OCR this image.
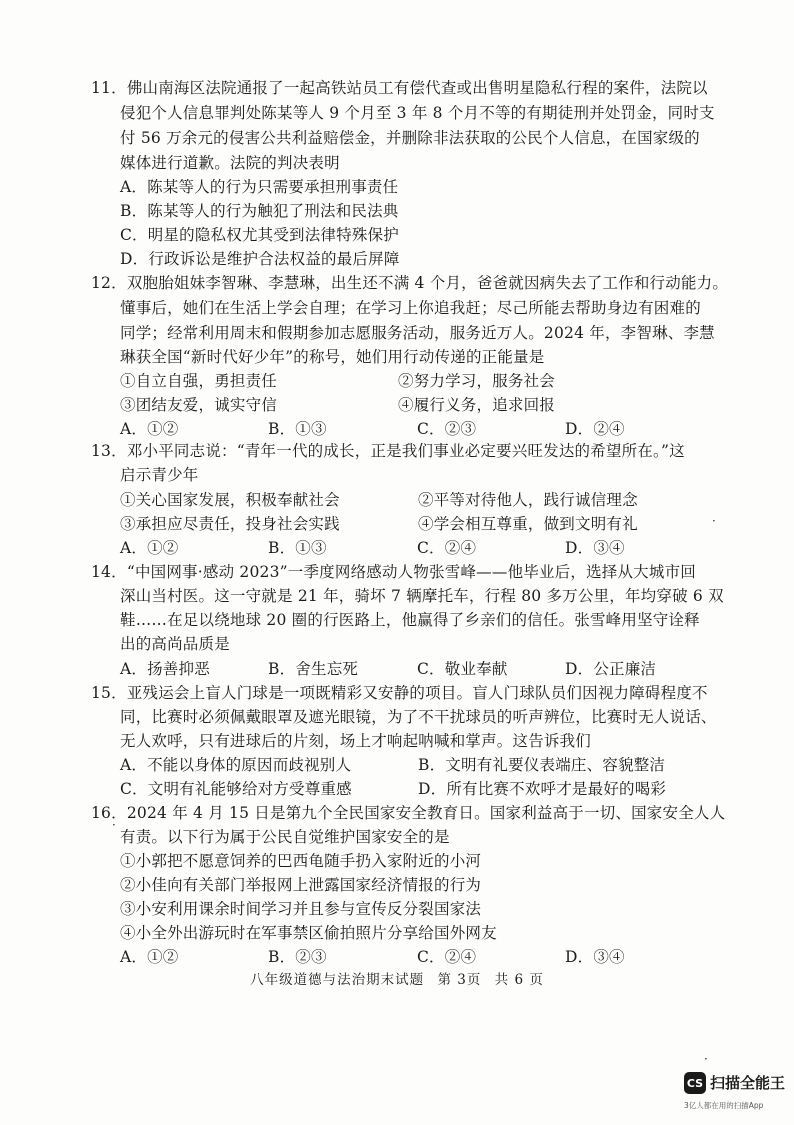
11．佛山南海区法院通报了一起高铁站员工有偿代查或出售明星隐私行程的案件，法院以
侵犯个人信息罪判处陈某等人 9 个月至 3 年 8 个月不等的有期徒刑并处罚金，同时支
付 56 万余元的侵害公共利益赔偿金，并删除非法获取的公民个人信息，在国家级的
媒体进行道歉。法院的判决表明
A．陈某等人的行为只需要承担刑事责任
B．陈某等人的行为触犯了刑法和民法典
C．明星的隐私权尤其受到法律特殊保护
D．行政诉讼是维护合法权益的最后屏障
12．双胞胎姐妹李智琳、李慧琳，出生还不满 4 个月，爸爸就因病失去了工作和行动能力。
懂事后，她们在生活上学会自理；在学习上你追我赶；尽己所能去帮助身边有困难的
同学；经常利用周末和假期参加志愿服务活动，服务近万人。2024 年，李智琳、李慧
琳获全国“新时代好少年”的称号，她们用行动传递的正能量是
①自立自强，勇担责任	②努力学习，服务社会
③团结友爱，诚实守信	④履行义务，追求回报
A．①②	B．①③	C．②③	D．②④
13．邓小平同志说：“青年一代的成长，正是我们事业必定要兴旺发达的希望所在。”这
启示青少年
①关心国家发展，积极奉献社会	②平等对待他人，践行诚信理念
③承担应尽责任，投身社会实践	④学会相互尊重，做到文明有礼
A．①②	B．①③	C．②④	D．③④
14．“中国网事·感动 2023”一季度网络感动人物张雪峰——他毕业后，选择从大城市回
深山当村医。这一守就是 21 年，骑坏 7 辆摩托车，行程 80 多万公里，年均穿破 6 双
鞋……在足以绕地球 20 圈的行医路上，他赢得了乡亲们的信任。张雪峰用坚守诠释
出的高尚品质是
A．扬善抑恶	B．舍生忘死	C．敬业奉献	D．公正廉洁
15．亚残运会上盲人门球是一项既精彩又安静的项目。盲人门球队员们因视力障碍程度不
同，比赛时必须佩戴眼罩及遮光眼镜，为了不干扰球员的听声辨位，比赛时无人说话、
无人欢呼，只有进球后的片刻，场上才响起呐喊和掌声。这告诉我们
A．不能以身体的原因而歧视别人	B．文明有礼要仪表端庄、容貌整洁
C．文明有礼能够给对方受尊重感	D．所有比赛不欢呼才是最好的喝彩
16．2024 年 4 月 15 日是第九个全民国家安全教育日。国家利益高于一切、国家安全人人
有责。以下行为属于公民自觉维护国家安全的是
①小郭把不愿意饲养的巴西龟随手扔入家附近的小河
②小佳向有关部门举报网上泄露国家经济情报的行为
③小安利用课余时间学习并且参与宣传反分裂国家法
④小全外出游玩时在军事禁区偷拍照片分享给国外网友
A．①②	B．②③	C．②④	D．③④
·
·
·
八年级道德与法治期末试题 第 3页 共 6 页
CS 扫描全能王
3亿人都在用的扫描App
